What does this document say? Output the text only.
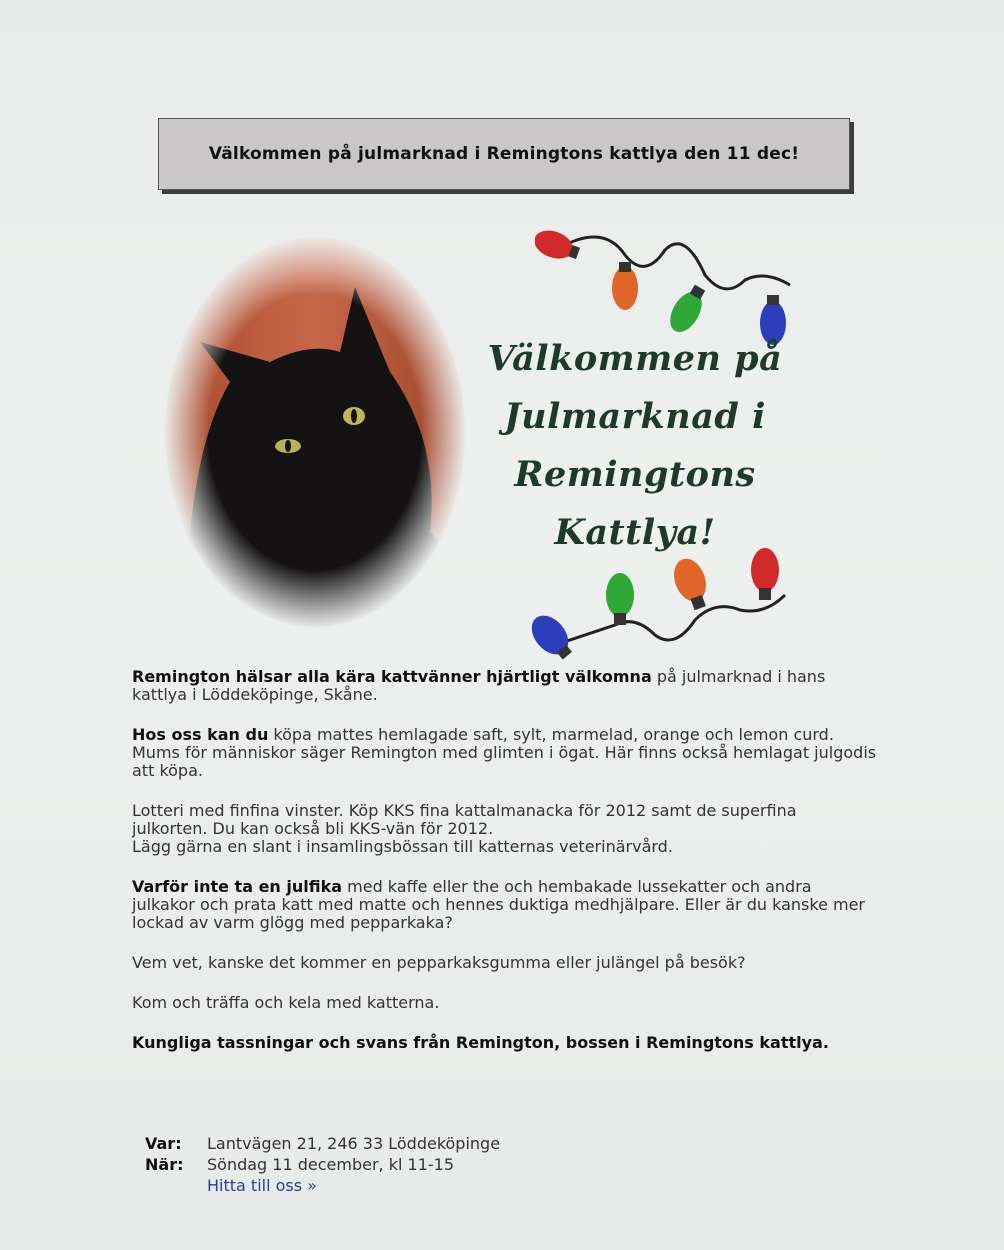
Välkommen på julmarknad i Remingtons kattlya den 11 dec!
Välkommen på
Julmarknad i
Remingtons
Kattlya!

Remington hälsar alla kära kattvänner hjärtligt välkomna på julmarknad i hans kattlya i Löddeköpinge, Skåne.

Hos oss kan du köpa mattes hemlagade saft, sylt, marmelad, orange och lemon curd. Mums för människor säger Remington med glimten i ögat. Här finns också hemlagat julgodis att köpa.

Lotteri med finfina vinster. Köp KKS fina kattalmanacka för 2012 samt de superfina julkorten. Du kan också bli KKS-vän för 2012.
Lägg gärna en slant i insamlingsbössan till katternas veterinärvård.

Varför inte ta en julfika med kaffe eller the och hembakade lussekatter och andra julkakor och prata katt med matte och hennes duktiga medhjälpare. Eller är du kanske mer lockad av varm glögg med pepparkaka?

Vem vet, kanske det kommer en pepparkaksgumma eller julängel på besök?

Kom och träffa och kela med katterna.

Kungliga tassningar och svans från Remington, bossen i Remingtons kattlya.
Var:	Lantvägen 21, 246 33 Löddeköpinge
När:	Söndag 11 december, kl 11-15
Hitta till oss »
